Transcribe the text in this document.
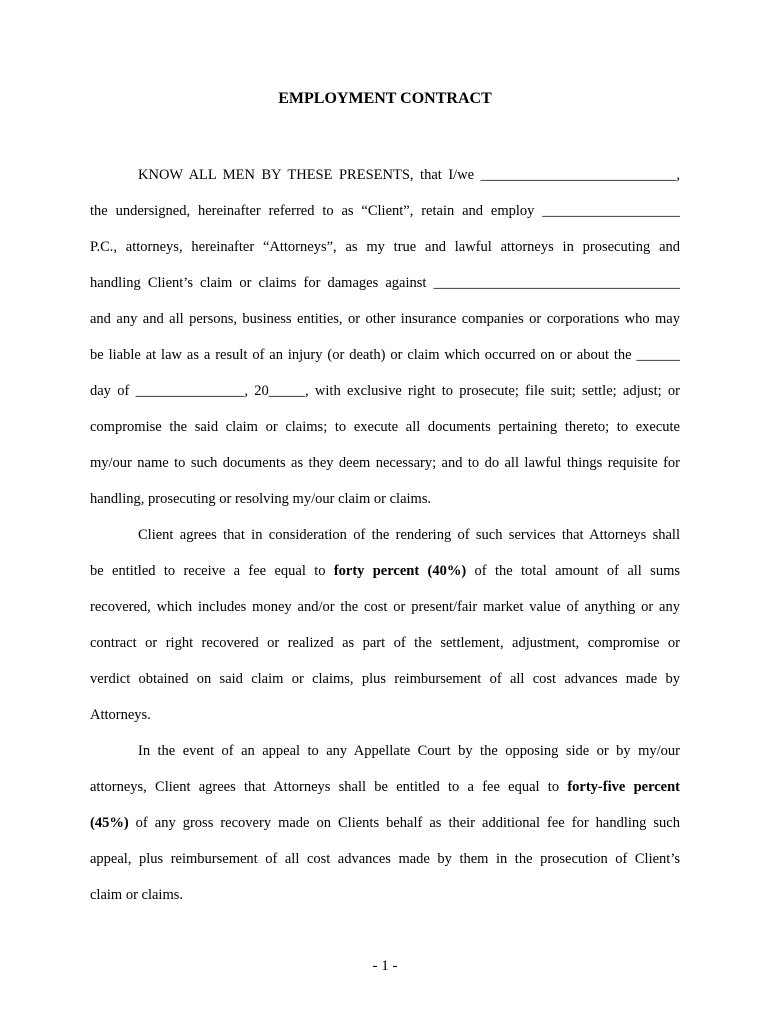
EMPLOYMENT CONTRACT
KNOW ALL MEN BY THESE PRESENTS, that I/we ___________________________,
the undersigned, hereinafter referred to as “Client”, retain and employ ___________________
P.C., attorneys, hereinafter “Attorneys”, as my true and lawful attorneys in prosecuting and
handling Client’s claim or claims for damages against __________________________________
and any and all persons, business entities, or other insurance companies or corporations who may
be liable at law as a result of an injury (or death) or claim which occurred on or about the ______
day of _______________, 20_____, with exclusive right to prosecute; file suit; settle; adjust; or
compromise the said claim or claims; to execute all documents pertaining thereto; to execute
my/our name to such documents as they deem necessary; and to do all lawful things requisite for
handling, prosecuting or resolving my/our claim or claims.
Client agrees that in consideration of the rendering of such services that Attorneys shall
be entitled to receive a fee equal to forty percent (40%) of the total amount of all sums
recovered, which includes money and/or the cost or present/fair market value of anything or any
contract or right recovered or realized as part of the settlement, adjustment, compromise or
verdict obtained on said claim or claims, plus reimbursement of all cost advances made by
Attorneys.
In the event of an appeal to any Appellate Court by the opposing side or by my/our
attorneys, Client agrees that Attorneys shall be entitled to a fee equal to forty-five percent
(45%) of any gross recovery made on Clients behalf as their additional fee for handling such
appeal, plus reimbursement of all cost advances made by them in the prosecution of Client’s
claim or claims.
- 1 -
